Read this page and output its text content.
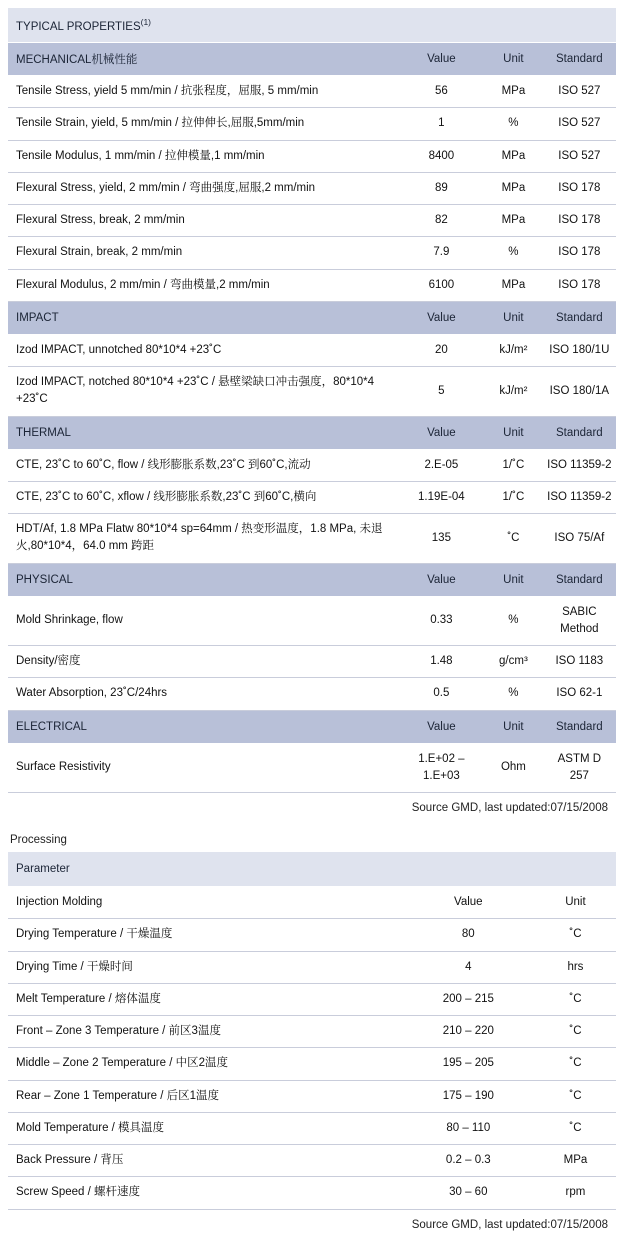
TYPICAL PROPERTIES$^{(1)}$
MECHANICAL机械性能	Value	Unit	Standard
Tensile Stress, yield 5 mm/min / 抗张程度，屈服, 5 mm/min	56	MPa	ISO 527
Tensile Strain, yield, 5 mm/min / 拉伸伸长,屈服,5mm/min	1	%	ISO 527
Tensile Modulus, 1 mm/min / 拉伸模量,1 mm/min	8400	MPa	ISO 527
Flexural Stress, yield, 2 mm/min / 弯曲强度,屈服,2 mm/min	89	MPa	ISO 178
Flexural Stress, break, 2 mm/min	82	MPa	ISO 178
Flexural Strain, break, 2 mm/min	7.9	%	ISO 178
Flexural Modulus, 2 mm/min / 弯曲模量,2 mm/min	6100	MPa	ISO 178
IMPACT	Value	Unit	Standard
Izod IMPACT, unnotched 80*10*4 +23˚C	20	kJ/m²	ISO 180/1U
Izod IMPACT, notched 80*10*4 +23˚C / 悬壁梁缺口冲击强度，80*10*4 +23˚C	5	kJ/m²	ISO 180/1A
THERMAL	Value	Unit	Standard
CTE, 23˚C to 60˚C, flow / 线形膨胀系数,23˚C 到60˚C,流动	2.E-05	1/˚C	ISO 11359-2
CTE, 23˚C to 60˚C, xflow / 线形膨胀系数,23˚C 到60˚C,横向	1.19E-04	1/˚C	ISO 11359-2
HDT/Af, 1.8 MPa Flatw 80*10*4 sp=64mm / 热变形温度，1.8 MPa, 未退火,80*10*4，64.0 mm 跨距	135	˚C	ISO 75/Af
PHYSICAL	Value	Unit	Standard
Mold Shrinkage, flow	0.33	%	SABIC Method
Density/密度	1.48	g/cm³	ISO 1183
Water Absorption, 23˚C/24hrs	0.5	%	ISO 62-1
ELECTRICAL	Value	Unit	Standard
Surface Resistivity	1.E+02 – 1.E+03	Ohm	ASTM D 257
Source GMD, last updated:07/15/2008
Processing
Parameter		
Injection Molding	Value	Unit
Drying Temperature / 干燥温度	80	˚C
Drying Time / 干燥时间	4	hrs
Melt Temperature / 熔体温度	200 – 215	˚C
Front – Zone 3 Temperature / 前区3温度	210 – 220	˚C
Middle – Zone 2 Temperature / 中区2温度	195 – 205	˚C
Rear – Zone 1 Temperature / 后区1温度	175 – 190	˚C
Mold Temperature / 模具温度	80 – 110	˚C
Back Pressure / 背压	0.2 – 0.3	MPa
Screw Speed / 螺杆速度	30 – 60	rpm
Source GMD, last updated:07/15/2008
